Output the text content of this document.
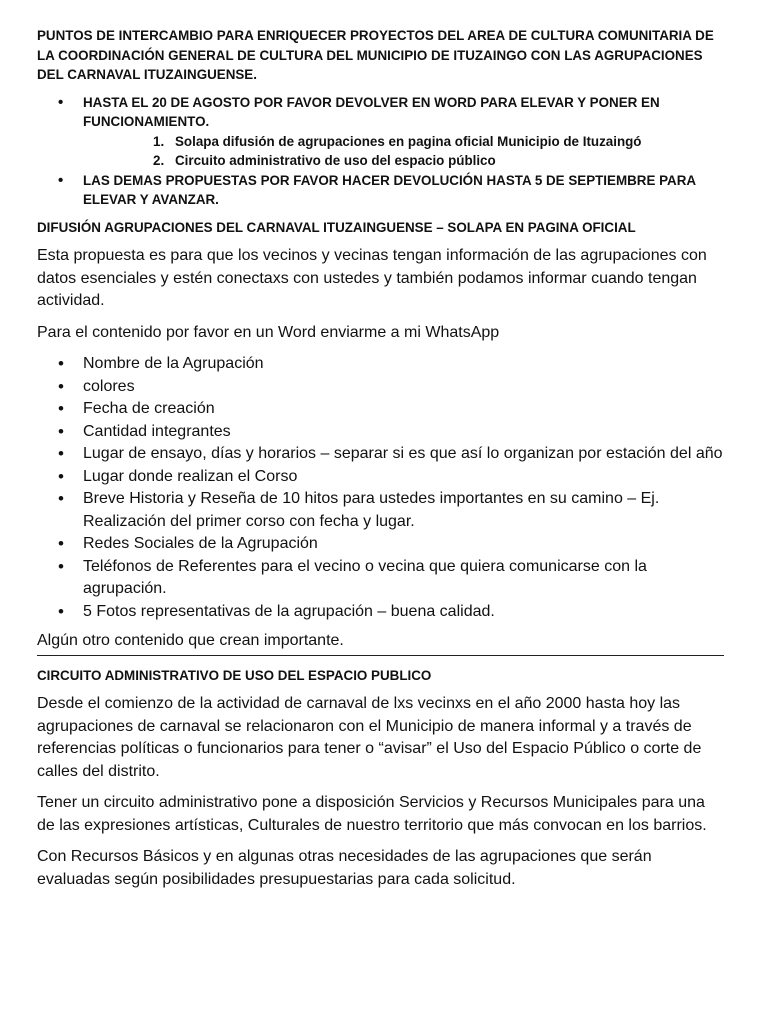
PUNTOS DE INTERCAMBIO PARA ENRIQUECER PROYECTOS DEL AREA DE CULTURA COMUNITARIA DE LA COORDINACIÓN GENERAL DE CULTURA DEL MUNICIPIO DE ITUZAINGO CON LAS AGRUPACIONES DEL CARNAVAL ITUZAINGUENSE.
• HASTA EL 20 DE AGOSTO POR FAVOR DEVOLVER EN WORD PARA ELEVAR Y PONER EN FUNCIONAMIENTO.
1. Solapa difusión de agrupaciones en pagina oficial Municipio de Ituzaingó
2. Circuito administrativo de uso del espacio público
• LAS DEMAS PROPUESTAS POR FAVOR HACER DEVOLUCIÓN HASTA 5 DE SEPTIEMBRE PARA ELEVAR Y AVANZAR.
DIFUSIÓN AGRUPACIONES DEL CARNAVAL ITUZAINGUENSE – SOLAPA EN PAGINA OFICIAL

Esta propuesta es para que los vecinos y vecinas tengan información de las agrupaciones con datos esenciales y estén conectaxs con ustedes y también podamos informar cuando tengan actividad.

Para el contenido por favor en un Word enviarme a mi WhatsApp

• Nombre de la Agrupación
• colores
• Fecha de creación
• Cantidad integrantes
• Lugar de ensayo, días y horarios – separar si es que así lo organizan por estación del año
• Lugar donde realizan el Corso
• Breve Historia y Reseña de 10 hitos para ustedes importantes en su camino – Ej. Realización del primer corso con fecha y lugar.
• Redes Sociales de la Agrupación
• Teléfonos de Referentes para el vecino o vecina que quiera comunicarse con la agrupación.
• 5 Fotos representativas de la agrupación – buena calidad.

Algún otro contenido que crean importante.

CIRCUITO ADMINISTRATIVO DE USO DEL ESPACIO PUBLICO

Desde el comienzo de la actividad de carnaval de lxs vecinxs en el año 2000 hasta hoy las agrupaciones de carnaval se relacionaron con el Municipio de manera informal y a través de referencias políticas o funcionarios para tener o “avisar” el Uso del Espacio Público o corte de calles del distrito.

Tener un circuito administrativo pone a disposición Servicios y Recursos Municipales para una de las expresiones artísticas, Culturales de nuestro territorio que más convocan en los barrios.

Con Recursos Básicos y en algunas otras necesidades de las agrupaciones que serán evaluadas según posibilidades presupuestarias para cada solicitud.
